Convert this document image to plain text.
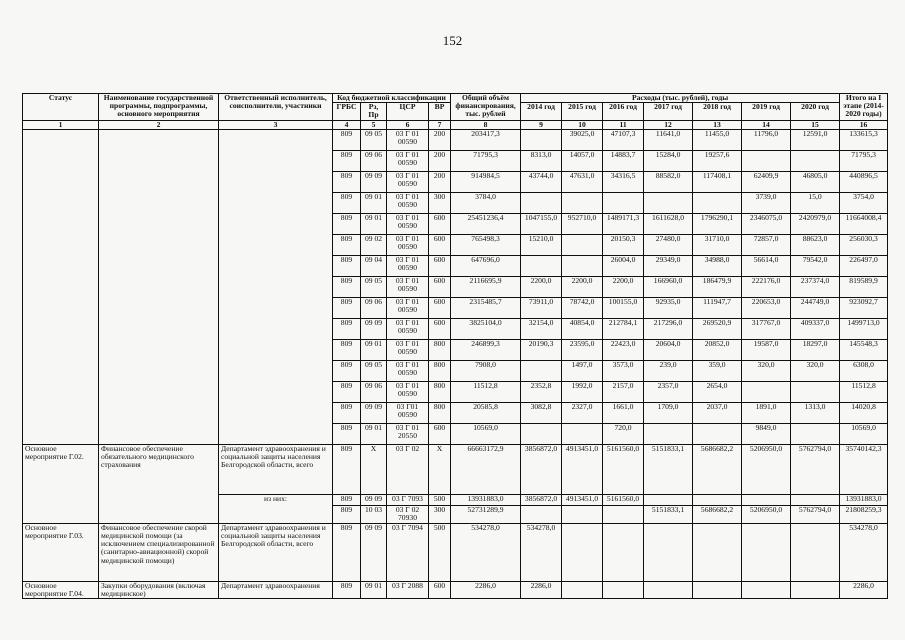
152
Статус	Наименование государственной программы, подпрограммы, основного мероприятия	Ответственный исполнитель, соисполнители, участники	Код бюджетной классификации				Общий объём финансирования, тыс. рублей	Расходы (тыс. рублей), годы							Итого на I этапе (2014-2020 годы)
			ГРБС	Рз, Пр	ЦСР	ВР		2014 год	2015 год	2016 год	2017 год	2018 год	2019 год	2020 год	
1	2	3	4	5	6	7	8	9	10	11	12	13	14	15	16
			809	09 05	03 Г 01 00590	200	203417,3		39025,0	47107,3	11641,0	11455,0	11796,0	12591,0	133615,3
			809	09 06	03 Г 01 00590	200	71795,3	8313,0	14057,0	14883,7	15284,0	19257,6			71795,3
			809	09 09	03 Г 01 00590	200	914984,5	43744,0	47631,0	34316,5	88582,0	117408,1	62409,9	46805,0	440896,5
			809	09 01	03 Г 01 00590	300	3784,0						3739,0	15,0	3754,0
			809	09 01	03 Г 01 00590	600	25451236,4	1047155,0	952710,0	1489171,3	1611628,0	1796290,1	2346075,0	2420979,0	11664008,4
			809	09 02	03 Г 01 00590	600	765498,3	15210,0		20150,3	27480,0	31710,0	72857,0	88623,0	256030,3
			809	09 04	03 Г 01 00590	600	647696,0			26004,0	29349,0	34988,0	56614,0	79542,0	226497,0
			809	09 05	03 Г 01 00590	600	2116695,9	2200,0	2200,0	2200,0	166960,0	186479,9	222176,0	237374,0	819589,9
			809	09 06	03 Г 01 00590	600	2315485,7	73911,0	78742,0	100155,0	92935,0	111947,7	220653,0	244749,0	923092,7
			809	09 09	03 Г 01 00590	600	3825104,0	32154,0	40854,0	212784,1	217296,0	269520,9	317767,0	409337,0	1499713,0
			809	09 01	03 Г 01 00590	800	246899,3	20190,3	23595,0	22423,0	20604,0	20852,0	19587,0	18297,0	145548,3
			809	09 05	03 Г 01 00590	800	7908,0		1497,0	3573,0	239,0	359,0	320,0	320,0	6308,0
			809	09 06	03 Г 01 00590	800	11512,8	2352,8	1992,0	2157,0	2357,0	2654,0			11512,8
			809	09 09	03 Г01 00590	800	20585,8	3082,8	2327,0	1661,0	1709,0	2037,0	1891,0	1313,0	14020,8
			809	09 01	03 Г 01 20550	600	10569,0			720,0			9849,0		10569,0
Основное мероприятие Г.02.	Финансовое обеспечение обязательного медицинского страхования	Департамент здравоохранения и социальной защиты населения Белгородской области, всего	809	X	03 Г 02	X	66663172,9	3856872,0	4913451,0	5161560,0	5151833,1	5686682,2	5206950,0	5762794,0	35740142,3
		из них:	809	09 09	03 Г 7093	500	13931883,0	3856872,0	4913451,0	5161560,0					13931883,0
			809	10 03	03 Г 02 70930	300	52731289,9				5151833,1	5686682,2	5206950,0	5762794,0	21808259,3
Основное мероприятие Г.03.	Финансовое обеспечение скорой медицинской помощи (за исключением специализированной (санитарно-авиационной) скорой медицинской помощи)	Департамент здравоохранения и социальной защиты населения Белгородской области, всего	809	09 09	03 Г 7094	500	534278,0	534278,0							534278,0
Основное мероприятие Г.04.	Закупки оборудования (включая медицинское)	Департамент здравоохранения	809	09 01	03 Г 2088	600	2286,0	2286,0							2286,0
